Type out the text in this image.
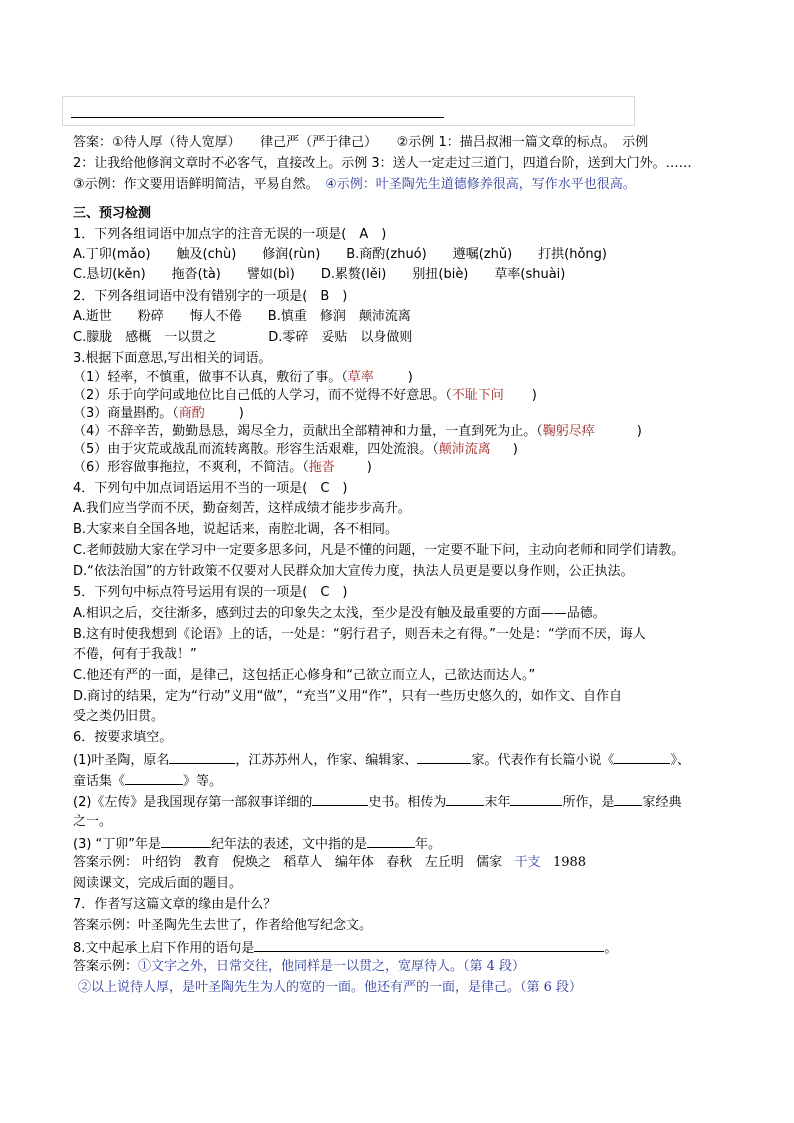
答案：①待人厚（待人宽厚）　　律己严（严于律己）　　②示例 1：描吕叔湘一篇文章的标点。　示例
2：让我给他修润文章时不必客气，直接改上。示例 3：送人一定走过三道门，四道台阶，送到大门外。……
③示例：作文要用语鲜明简洁，平易自然。　④示例：叶圣陶先生道德修养很高，写作水平也很高。
三、预习检测
1．下列各组词语中加点字的注音无误的一项是(　A　)
A.丁卯(mǎo)　　触及(chù)　　修润(rùn)　　B.商酌(zhuó)　　遵嘱(zhǔ)　　打拱(hǒng)
C.恳切(kěn)　　拖沓(tà)　　譬如(bì)　　D.累赘(lěi)　　别扭(biè)　　草率(shuài)
2．下列各组词语中没有错别字的一项是(　B　)
A.逝世　　粉碎　　悔人不倦　　B.慎重　修润　颠沛流离
C.朦胧　感概　一以贯之　　　　D.零碎　妥贴　以身做则
3.根据下面意思,写出相关的词语。
（1）轻率，不慎重，做事不认真，敷衍了事。（草率	)
（2）乐于向学问或地位比自己低的人学习，而不觉得不好意思。（不耻下问 )
（3）商量斟酌。（商酌	)
（4）不辞辛苦，勤勤恳恳，竭尽全力，贡献出全部精神和力量，一直到死为止。（鞠躬尽瘁	)
（5）由于灾荒或战乱而流转离散。形容生活艰难，四处流浪。（颠沛流离 )
（6）形容做事拖拉，不爽利，不简洁。（拖沓 )
4．下列句中加点词语运用不当的一项是(　C　)
A.我们应当学而不厌，勤奋刻苦，这样成绩才能步步高升。
B.大家来自全国各地，说起话来，南腔北调，各不相同。
C.老师鼓励大家在学习中一定要多思多问，凡是不懂的问题，一定要不耻下问，主动向老师和同学们请教。
D.“依法治国”的方针政策不仅要对人民群众加大宣传力度，执法人员更是要以身作则，公正执法。
5．下列句中标点符号运用有误的一项是(　C　)
A.相识之后，交往渐多，感到过去的印象失之太浅，至少是没有触及最重要的方面——品德。
B.这有时使我想到《论语》上的话，一处是：“躬行君子，则吾未之有得。”一处是：“学而不厌，诲人
不倦，何有于我哉！”
C.他还有严的一面，是律己，这包括正心修身和“己欲立而立人，己欲达而达人。”
D.商讨的结果，定为“行动”义用“做”，“充当”义用“作”，只有一些历史悠久的，如作文、自作自
受之类仍旧贯。
6．按要求填空。
(1)叶圣陶，原名	，江苏苏州人，作家、编辑家、	家。代表作有长篇小说《	》、
童话集《	》等。
(2)《左传》是我国现存第一部叙事详细的	史书。相传为	末年	所作，是 家经典
之一。
(3) “丁卯”年是	纪年法的表述，文中指的是	年。
答案示例： 叶绍钧 教育 倪焕之 稻草人 编年体 春秋 左丘明 儒家 干支 1988
阅读课文，完成后面的题目。
7．作者写这篇文章的缘由是什么？
答案示例：叶圣陶先生去世了，作者给他写纪念文。
8.文中起承上启下作用的语句是	。
答案示例：①文字之外，日常交往，他同样是一以贯之，宽厚待人。（第 4 段）
②以上说待人厚，是叶圣陶先生为人的宽的一面。他还有严的一面，是律己。（第 6 段）
